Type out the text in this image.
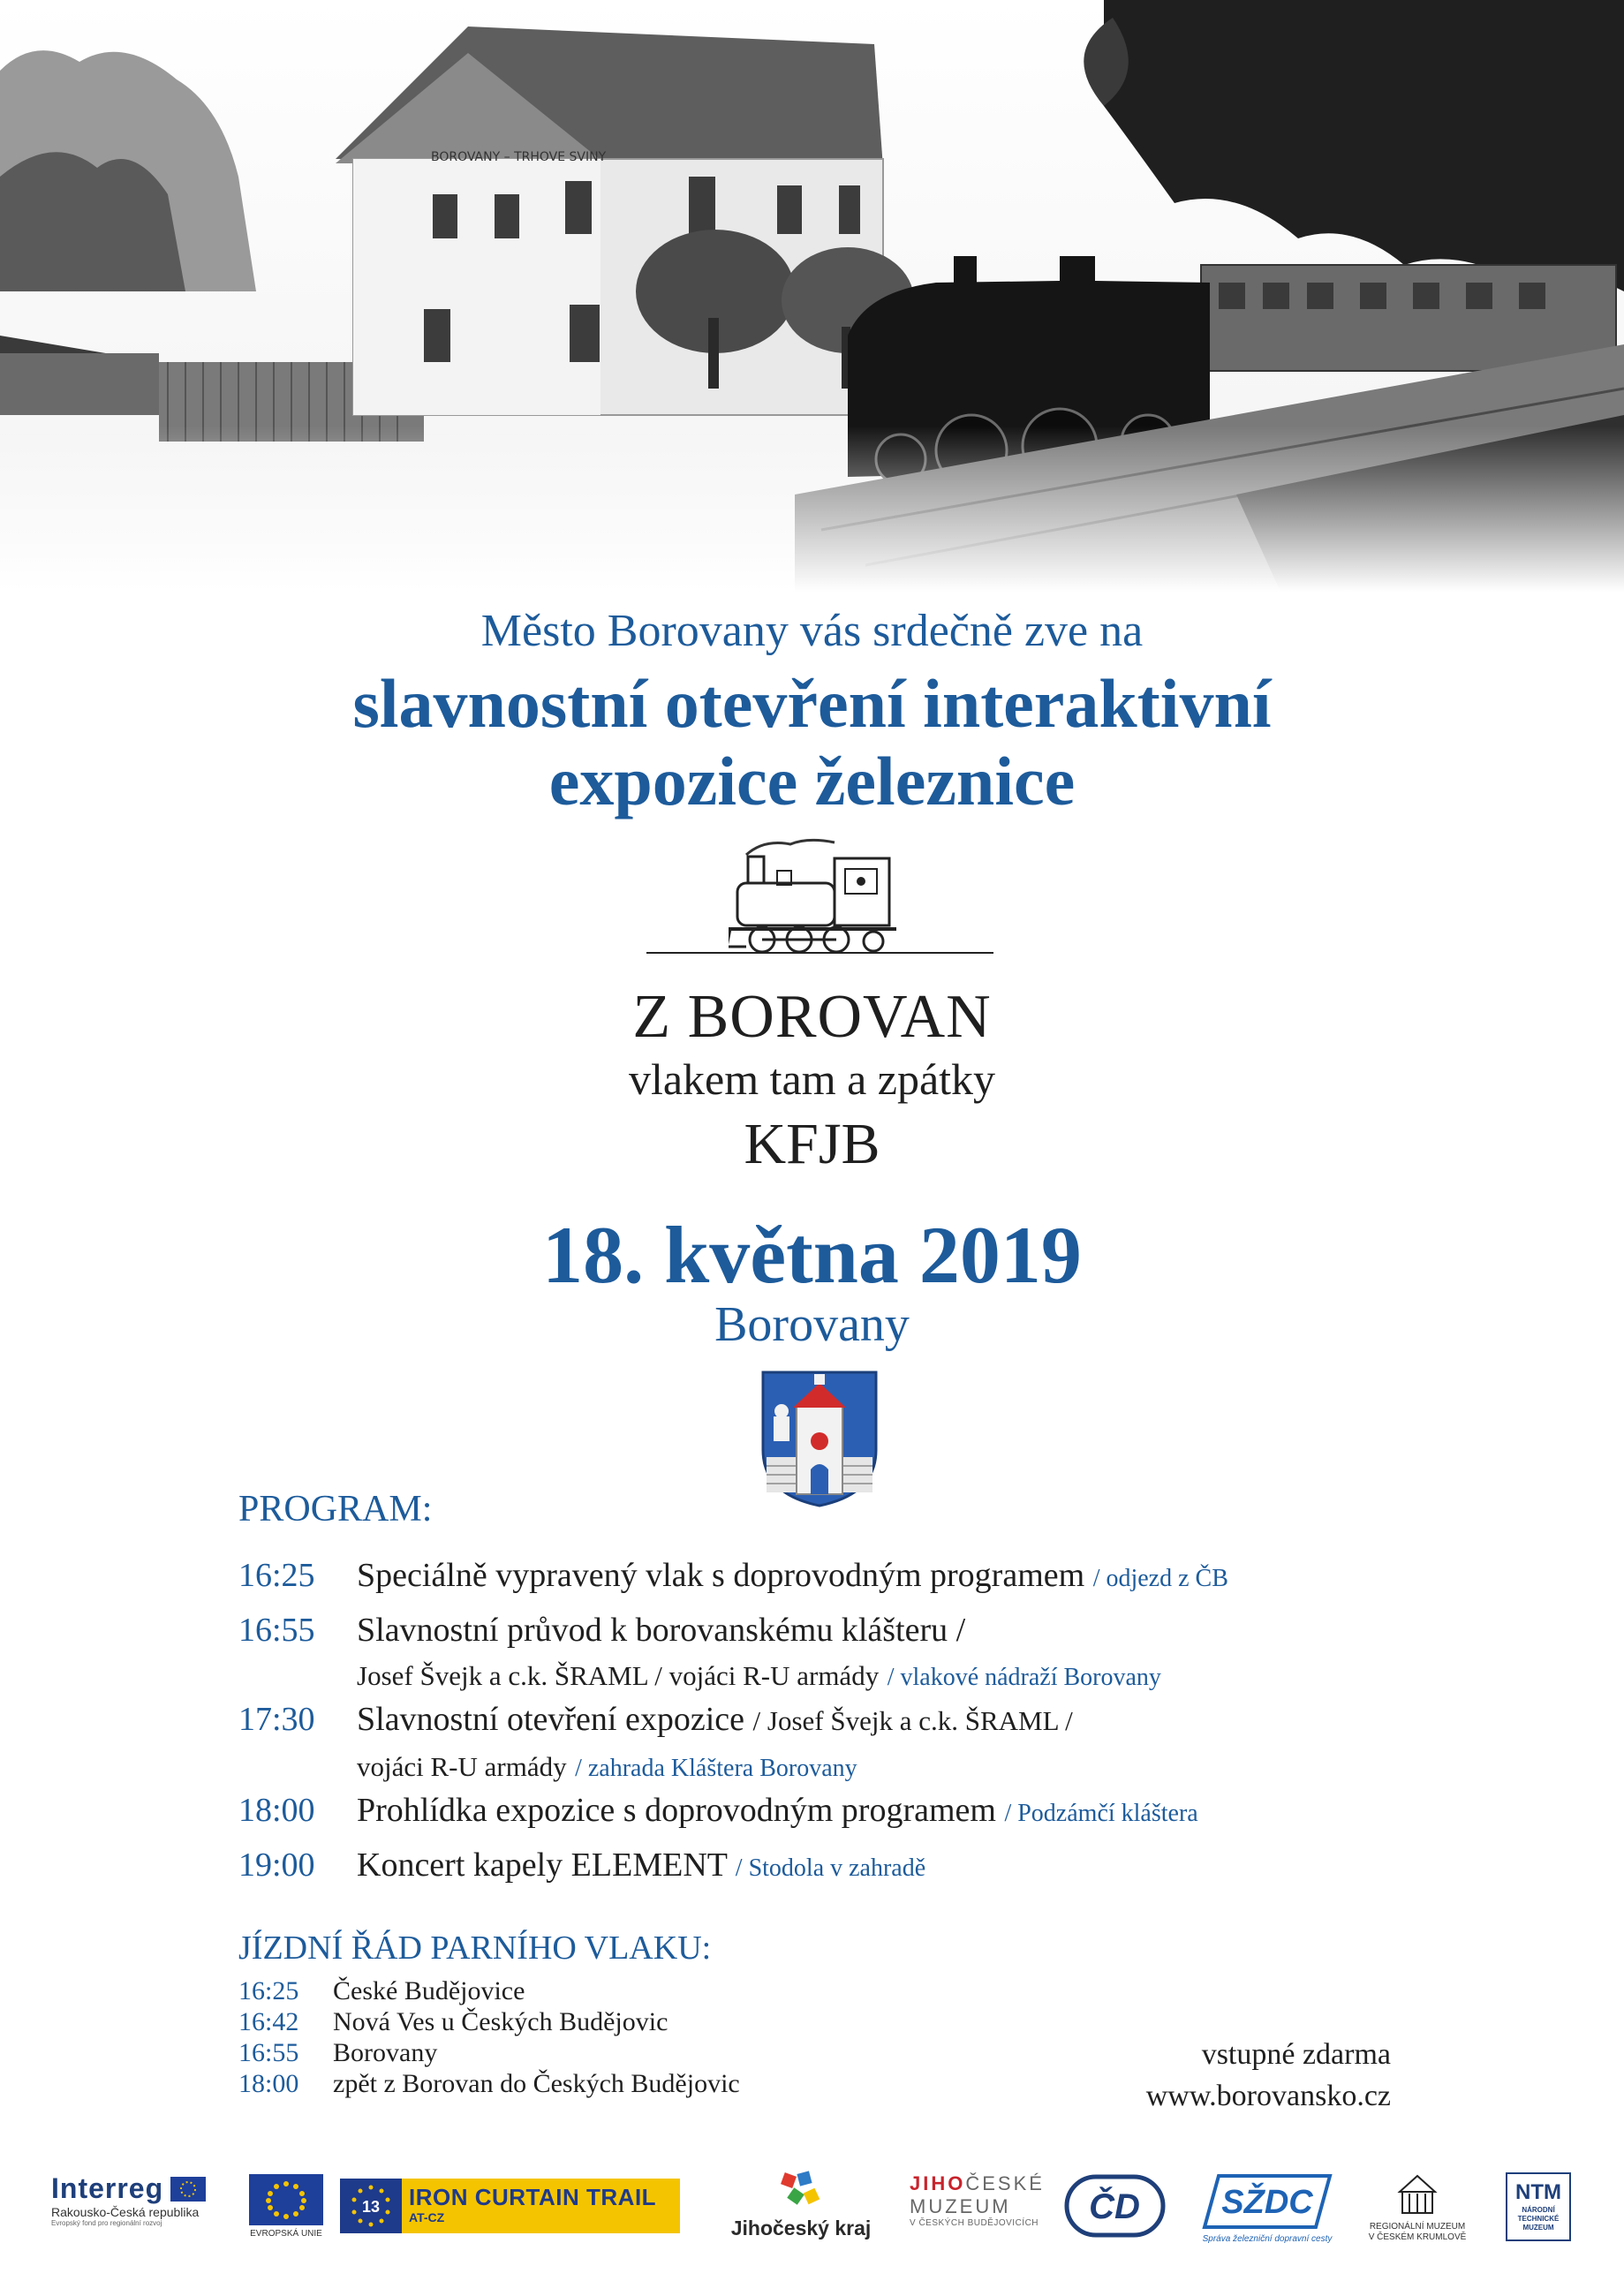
Město Borovany vás srdečně zve na
slavnostní otevření interaktivní
expozice železnice
Z BOROVAN
vlakem tam a zpátky
KFJB
18. května 2019
Borovany
PROGRAM:
16:25 Speciálně vypravený vlak s doprovodným programem / odjezd z ČB
16:55 Slavnostní průvod k borovanskému klášteru /
Josef Švejk a c.k. ŠRAML / vojáci R-U armády / vlakové nádraží Borovany
17:30 Slavnostní otevření expozice / Josef Švejk a c.k. ŠRAML /
vojáci R-U armády / zahrada Kláštera Borovany
18:00 Prohlídka expozice s doprovodným programem / Podzámčí kláštera
19:00 Koncert kapely ELEMENT / Stodola v zahradě
JÍZDNÍ ŘÁD PARNÍHO VLAKU:
16:25 České Budějovice
16:42 Nová Ves u Českých Budějovic
16:55 Borovany
18:00 zpět z Borovan do Českých Budějovic
vstupné zdarma
www.borovansko.cz
Interreg
Rakousko-Česká republika
Evropský fond pro regionální rozvoj
EVROPSKÁ UNIE
13 IRON CURTAIN TRAIL
AT-CZ	Jihočeský kraj
JIHOČESKÉ
MUZEUM
V ČESKÝCH BUDĚJOVICÍCH ČD SŽDC
Správa železniční dopravní cesty
REGIONÁLNÍ MUZEUM
V ČESKÉM KRUMLOVĚ
NTM
NÁRODNÍ
TECHNICKÉ
MUZEUM
